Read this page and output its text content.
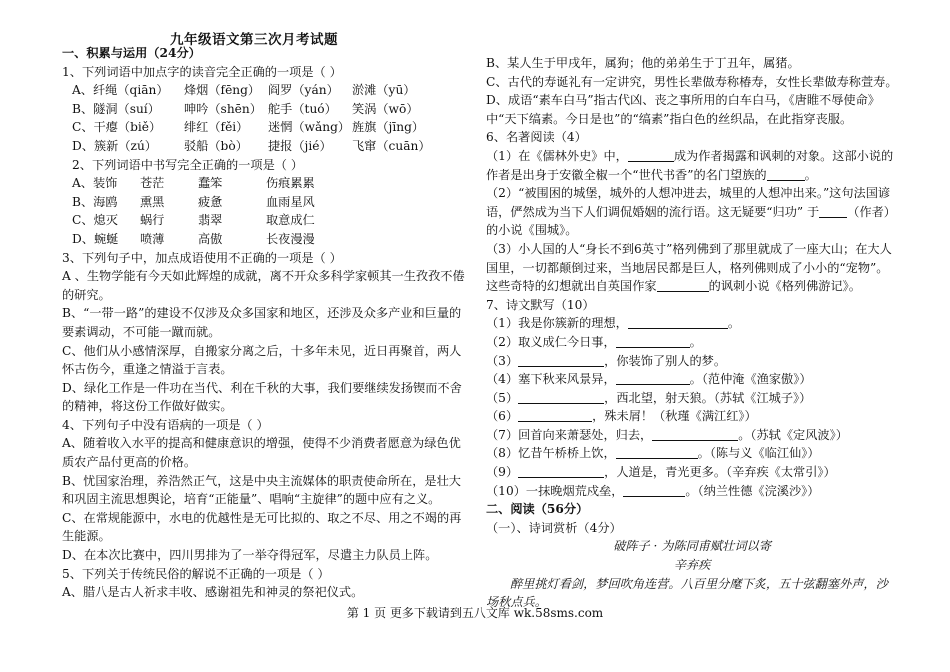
九年级语文第三次月考试题
一、积累与运用（24分）
1、下列词语中加点字的读音完全正确的一项是（ ）
A、纤绳（qiān） 烽烟（fēng） 阎罗（yán） 淤滩（yū）
B、隧洞（suí） 呻吟（shēn） 舵手（tuó） 笑涡（wō）
C、干瘪（biě） 绯红（fěi） 迷惘（wǎng） 旌旗（jīng）
D、簇新（zú） 驳船（bò） 捷报（jié） 飞窜（cuān）
2、下列词语中书写完全正确的一项是（ ）
A、装饰 苍茫	蠢笨	伤痕累累
B、海鸥 熏黑	疲惫	血雨星风
C、熄灭 蜗行	翡翠	取意成仁
D、蜿蜒 喷薄	高傲	长夜漫漫
3、下列句子中，加点成语使用不正确的一项是（ ）
A 、生物学能有今天如此辉煌的成就，离不开众多科学家顿其一生孜孜不倦的研究。
B、“一带一路”的建设不仅涉及众多国家和地区，还涉及众多产业和巨量的要素调动，不可能一蹴而就。
C、他们从小感情深厚，自搬家分离之后，十多年未见，近日再聚首，两人怀古伤今，重逢之情溢于言表。
D、绿化工作是一件功在当代、利在千秋的大事，我们要继续发扬锲而不舍的精神，将这份工作做好做实。
4、下列句子中没有语病的一项是（ ）
A、随着收入水平的提高和健康意识的增强，使得不少消费者愿意为绿色优质农产品付更高的价格。
B、忧国家治理，养浩然正气，这是中央主流媒体的职责使命所在，是壮大和巩固主流思想舆论，培育“正能量”、唱响“主旋律”的题中应有之义。
C、在常规能源中，水电的优越性是无可比拟的、取之不尽、用之不竭的再生能源。
D、在本次比赛中，四川男排为了一举夺得冠军，尽遣主力队员上阵。
5、下列关于传统民俗的解说不正确的一项是（ ）
A、腊八是古人祈求丰收、感谢祖先和神灵的祭祀仪式。
B、某人生于甲戌年，属狗；他的弟弟生于丁丑年，属猪。
C、古代的寿诞礼有一定讲究，男性长辈做寿称椿寿，女性长辈做寿称萱寿。
D、成语“素车白马”指古代凶、丧之事所用的白车白马，《唐睢不辱使命》中“天下缟素。今日是也”的“缟素”指白色的丝织品，在此指穿丧服。
6、名著阅读（4）
（1）在《儒林外史》中，	成为作者揭露和讽刺的对象。这部小说的作者是出身于安徽全椒一个“世代书香”的名门望族的	。
（2）“被围困的城堡，城外的人想冲进去，城里的人想冲出来。”这句法国谚语，俨然成为当下人们调侃婚姻的流行语。这无疑要“归功” 于 （作者）的小说《围城》。
（3）小人国的人“身长不到6英寸”格列佛到了那里就成了一座大山；在大人国里，一切都颠倒过来，当地居民都是巨人，格列佛则成了小小的“宠物”。这些奇特的幻想就出自英国作家	的讽刺小说《格列佛游记》。
7、诗文默写（10）
（1）我是你簇新的理想，	。
（2）取义成仁今日事，	。
（3）	，你装饰了别人的梦。
（4）塞下秋来风景异，	。（范仲淹《渔家傲》）
（5）	，西北望，射天狼。（苏轼《江城子》）
（6）	，殊未屑！（秋瑾《满江红》）
（7）回首向来萧瑟处，归去，	。（苏轼《定风波》）
（8）忆昔午桥桥上饮，	。（陈与义《临江仙》）
（9）	，人道是，青光更多。（辛弃疾《太常引》）
（10）一抹晚烟荒戍垒，	。（纳兰性德《浣溪沙》）
二、阅读（56分）
（一）、诗词赏析（4分）
破阵子 · 为陈同甫赋壮词以寄
辛弃疾
醉里挑灯看剑，梦回吹角连营。八百里分麾下炙，五十弦翻塞外声，沙场秋点兵。
第 1 页 更多下载请到五八文库 wk.58sms.com
